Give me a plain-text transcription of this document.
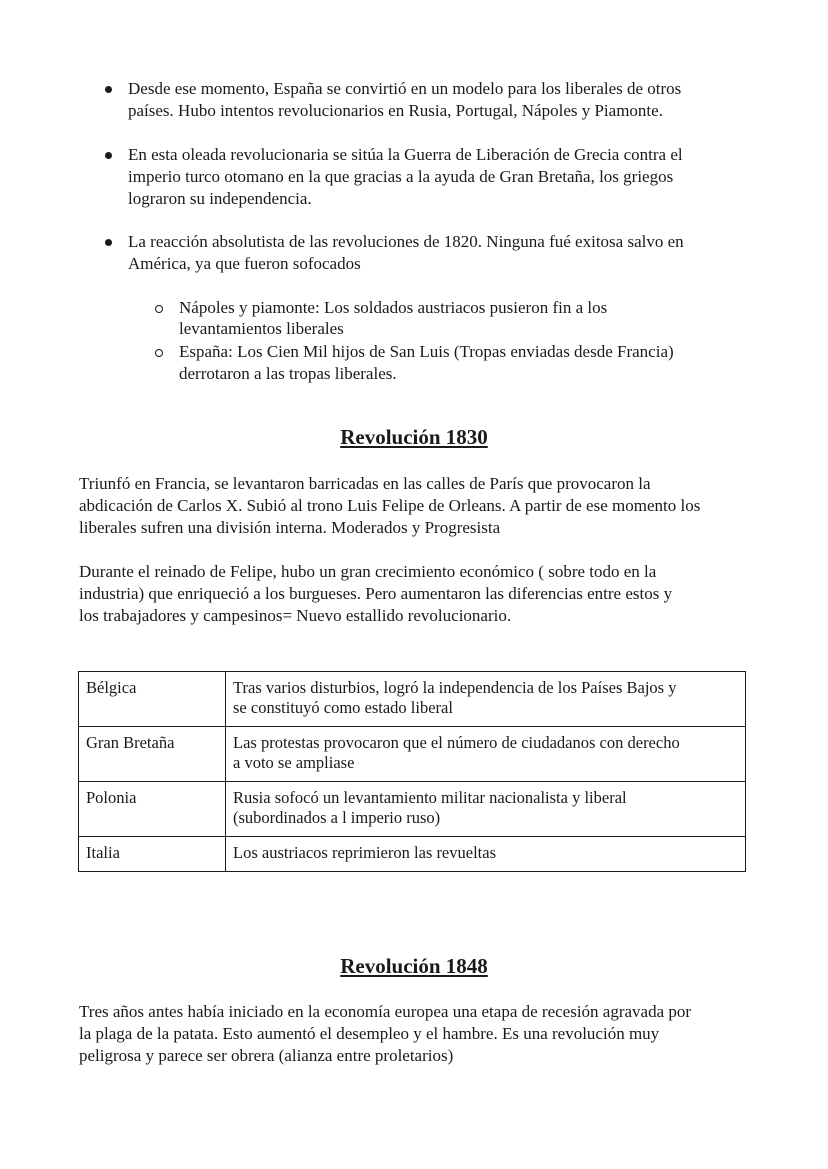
Desde ese momento, España se convirtió en un modelo para los liberales de otros
países. Hubo intentos revolucionarios en Rusia, Portugal, Nápoles y Piamonte.
En esta oleada revolucionaria se sitúa la Guerra de Liberación de Grecia contra el
imperio turco otomano en la que gracias a la ayuda de Gran Bretaña, los griegos
lograron su independencia.
La reacción absolutista de las revoluciones de 1820. Ninguna fué exitosa salvo en
América, ya que fueron sofocados
Nápoles y piamonte: Los soldados austriacos pusieron fin a los
levantamientos liberales
España: Los Cien Mil hijos de San Luis (Tropas enviadas desde Francia)
derrotaron a las tropas liberales.
Revolución 1830
Triunfó en Francia, se levantaron barricadas en las calles de París que provocaron la
abdicación de Carlos X. Subió al trono Luis Felipe de Orleans. A partir de ese momento los
liberales sufren una división interna. Moderados y Progresista
Durante el reinado de Felipe, hubo un gran crecimiento económico ( sobre todo en la
industria) que enriqueció a los burgueses. Pero aumentaron las diferencias entre estos y
los trabajadores y campesinos= Nuevo estallido revolucionario.
Bélgica	Tras varios disturbios, logró la independencia de los Países Bajos y
se constituyó como estado liberal
Gran Bretaña	Las protestas provocaron que el número de ciudadanos con derecho
a voto se ampliase
Polonia	Rusia sofocó un levantamiento militar nacionalista y liberal
(subordinados a l imperio ruso)
Italia	Los austriacos reprimieron las revueltas
Revolución 1848
Tres años antes había iniciado en la economía europea una etapa de recesión agravada por
la plaga de la patata. Esto aumentó el desempleo y el hambre. Es una revolución muy
peligrosa y parece ser obrera (alianza entre proletarios)
